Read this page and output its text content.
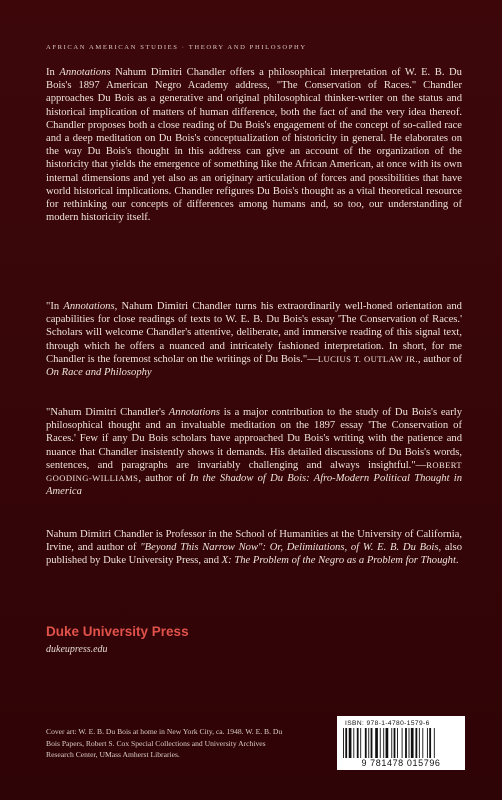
AFRICAN AMERICAN STUDIES · THEORY AND PHILOSOPHY

In Annotations Nahum Dimitri Chandler offers a philosophical interpretation of W. E. B. Du Bois's 1897 American Negro Academy address, "The Conservation of Races." Chandler approaches Du Bois as a generative and original philosophical thinker-writer on the status and historical implication of matters of human difference, both the fact of and the very idea thereof. Chandler proposes both a close reading of Du Bois's engagement of the concept of so-called race and a deep meditation on Du Bois's conceptualization of historicity in general. He elaborates on the way Du Bois's thought in this address can give an account of the organization of the historicity that yields the emergence of something like the African American, at once with its own internal dimensions and yet also as an originary articulation of forces and possibilities that have world historical implications. Chandler refigures Du Bois's thought as a vital theoretical resource for rethinking our concepts of differences among humans and, so too, our understanding of modern historicity itself.

"In Annotations, Nahum Dimitri Chandler turns his extraordinarily well-honed orientation and capabilities for close readings of texts to W. E. B. Du Bois's essay 'The Conservation of Races.' Scholars will welcome Chandler's attentive, deliberate, and immersive reading of this signal text, through which he offers a nuanced and intricately fashioned interpretation. In short, for me Chandler is the foremost scholar on the writings of Du Bois."—LUCIUS T. OUTLAW JR., author of On Race and Philosophy

"Nahum Dimitri Chandler's Annotations is a major contribution to the study of Du Bois's early philosophical thought and an invaluable meditation on the 1897 essay 'The Conservation of Races.' Few if any Du Bois scholars have approached Du Bois's writing with the patience and nuance that Chandler insistently shows it demands. His detailed discussions of Du Bois's words, sentences, and paragraphs are invariably challenging and always insightful."—ROBERT GOODING-WILLIAMS, author of In the Shadow of Du Bois: Afro-Modern Political Thought in America

Nahum Dimitri Chandler is Professor in the School of Humanities at the University of California, Irvine, and author of "Beyond This Narrow Now": Or, Delimitations, of W. E. B. Du Bois, also published by Duke University Press, and X: The Problem of the Negro as a Problem for Thought.

Duke University Press
dukeupress.edu
Cover art: W. E. B. Du Bois at home in New York City, ca. 1948. W. E. B. Du Bois Papers, Robert S. Cox Special Collections and University Archives Research Center, UMass Amherst Libraries.
ISBN: 978-1-4780-1579-6
9 781478 015796
